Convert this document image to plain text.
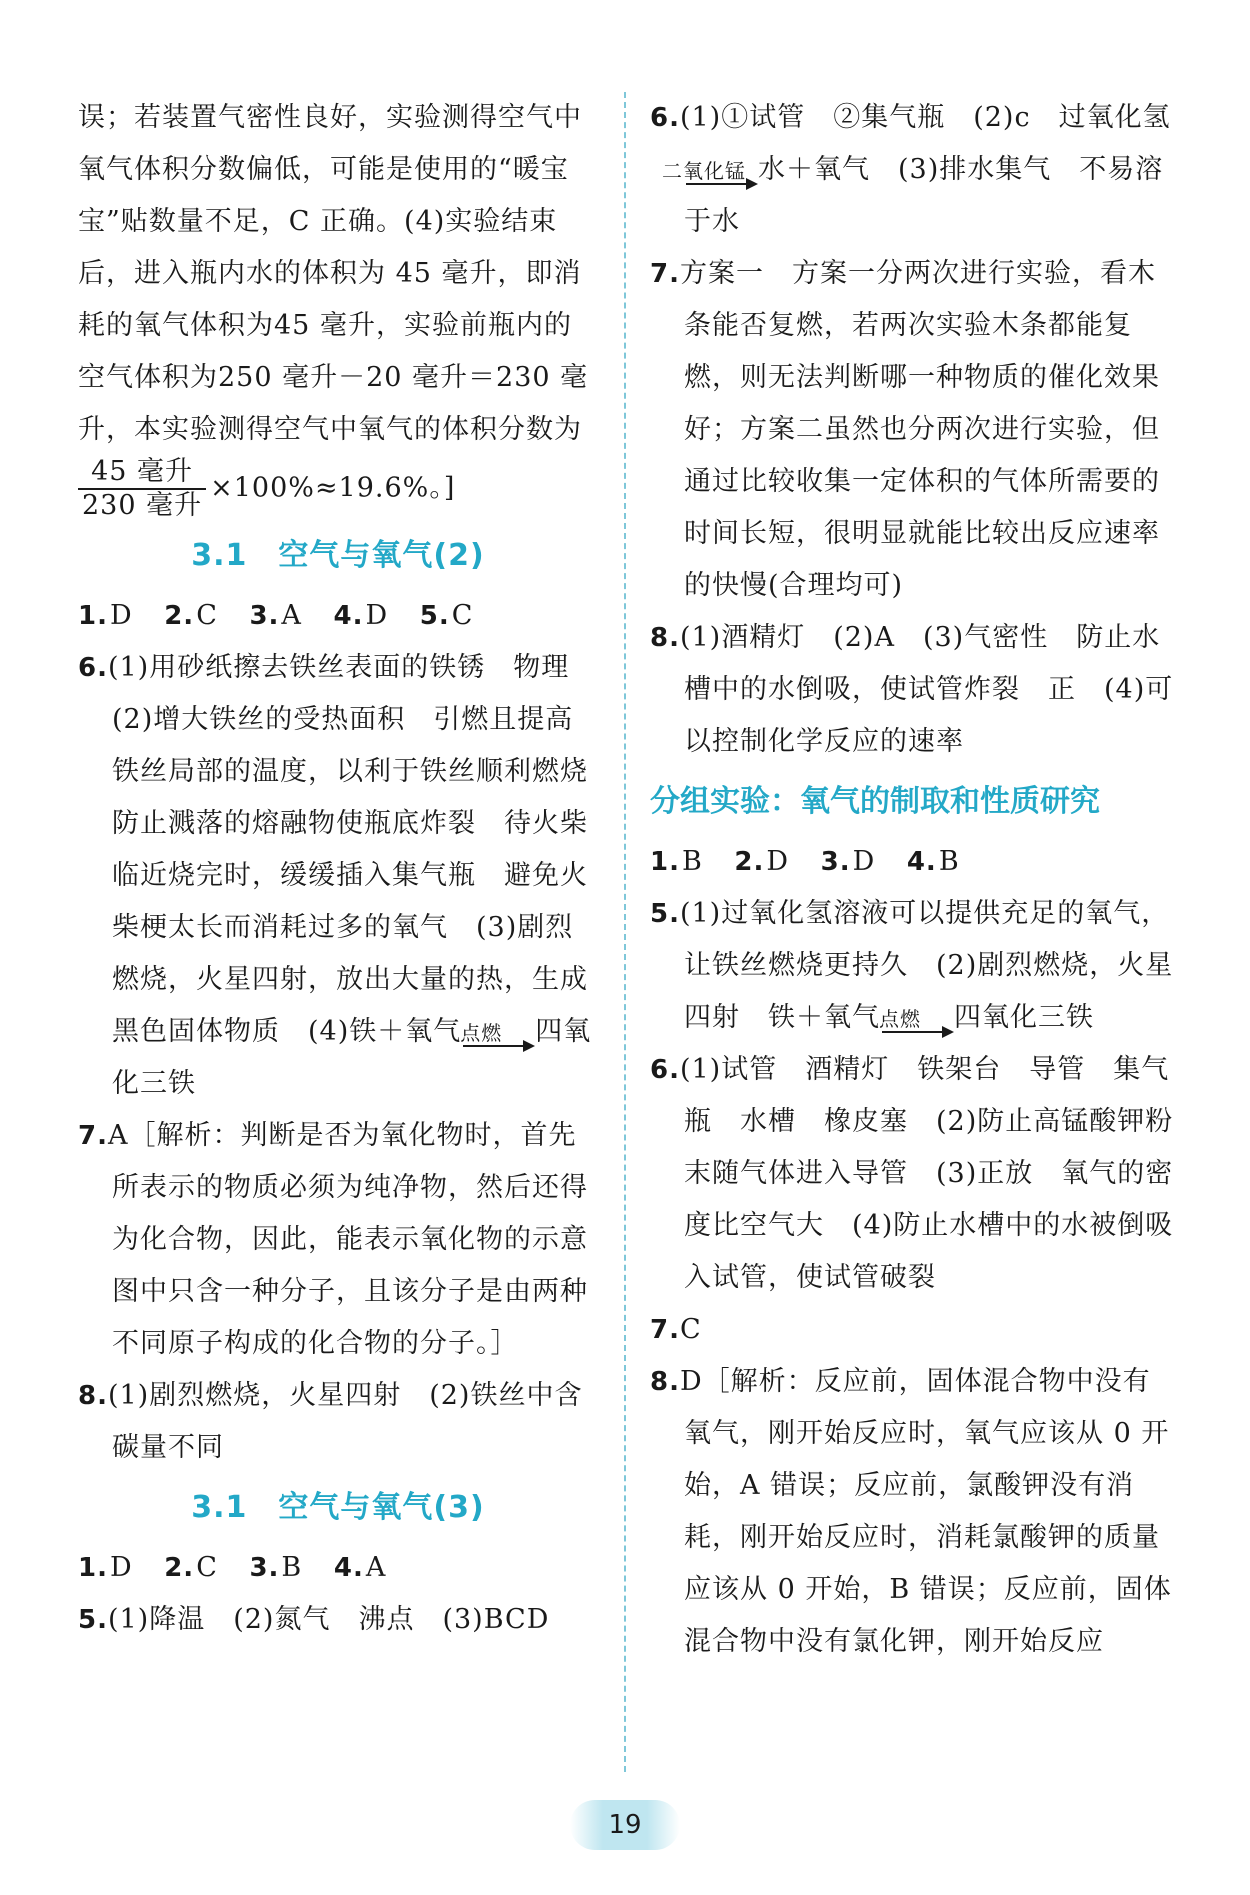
误；若装置气密性良好，实验测得空气中氧气体积分数偏低，可能是使用的“暖宝宝”贴数量不足，C 正确。(4)实验结束后，进入瓶内水的体积为 45 毫升，即消耗的氧气体积为45 毫升，实验前瓶内的空气体积为250 毫升－20 毫升＝230 毫升，本实验测得空气中氧气的体积分数为

$\frac{\text{45 毫升}}{\text{230 毫升}} \times 100\%\approx 19.6\%$。]

3.1　空气与氧气(2)

1.D 2.C 3.A 4.D 5.C

6.(1)用砂纸擦去铁丝表面的铁锈　物理　(2)增大铁丝的受热面积　引燃且提高铁丝局部的温度，以利于铁丝顺利燃烧　防止溅落的熔融物使瓶底炸裂　待火柴临近烧完时，缓缓插入集气瓶　避免火柴梗太长而消耗过多的氧气　(3)剧烈燃烧，火星四射，放出大量的热，生成黑色固体物质　(4)铁＋氧气 点燃	四氧化三铁

7.A［解析：判断是否为氧化物时，首先所表示的物质必须为纯净物，然后还得为化合物，因此，能表示氧化物的示意图中只含一种分子，且该分子是由两种不同原子构成的化合物的分子。］

8.(1)剧烈燃烧，火星四射　(2)铁丝中含碳量不同

3.1　空气与氧气(3)

1.D 2.C 3.B 4.A

5.(1)降温　(2)氮气　沸点　(3)BCD

6.(1)①试管　②集气瓶　(2)c　过氧化氢
二氧化锰 水＋氧气　(3)排水集气　不易溶于水

7.方案一　方案一分两次进行实验，看木条能否复燃，若两次实验木条都能复燃，则无法判断哪一种物质的催化效果好；方案二虽然也分两次进行实验，但通过比较收集一定体积的气体所需要的时间长短，很明显就能比较出反应速率的快慢(合理均可)

8.(1)酒精灯　(2)A　(3)气密性　防止水槽中的水倒吸，使试管炸裂　正　(4)可以控制化学反应的速率

分组实验：氧气的制取和性质研究

1.B 2.D 3.D 4.B

5.(1)过氧化氢溶液可以提供充足的氧气，让铁丝燃烧更持久　(2)剧烈燃烧，火星四射　铁＋氧气 点燃	四氧化三铁

6.(1)试管　酒精灯　铁架台　导管　集气瓶　水槽　橡皮塞　(2)防止高锰酸钾粉末随气体进入导管　(3)正放　氧气的密度比空气大　(4)防止水槽中的水被倒吸入试管，使试管破裂

7.C

8.D［解析：反应前，固体混合物中没有氧气，刚开始反应时，氧气应该从 0 开始，A 错误；反应前，氯酸钾没有消耗，刚开始反应时，消耗氯酸钾的质量应该从 0 开始，B 错误；反应前，固体混合物中没有氯化钾，刚开始反应

19
